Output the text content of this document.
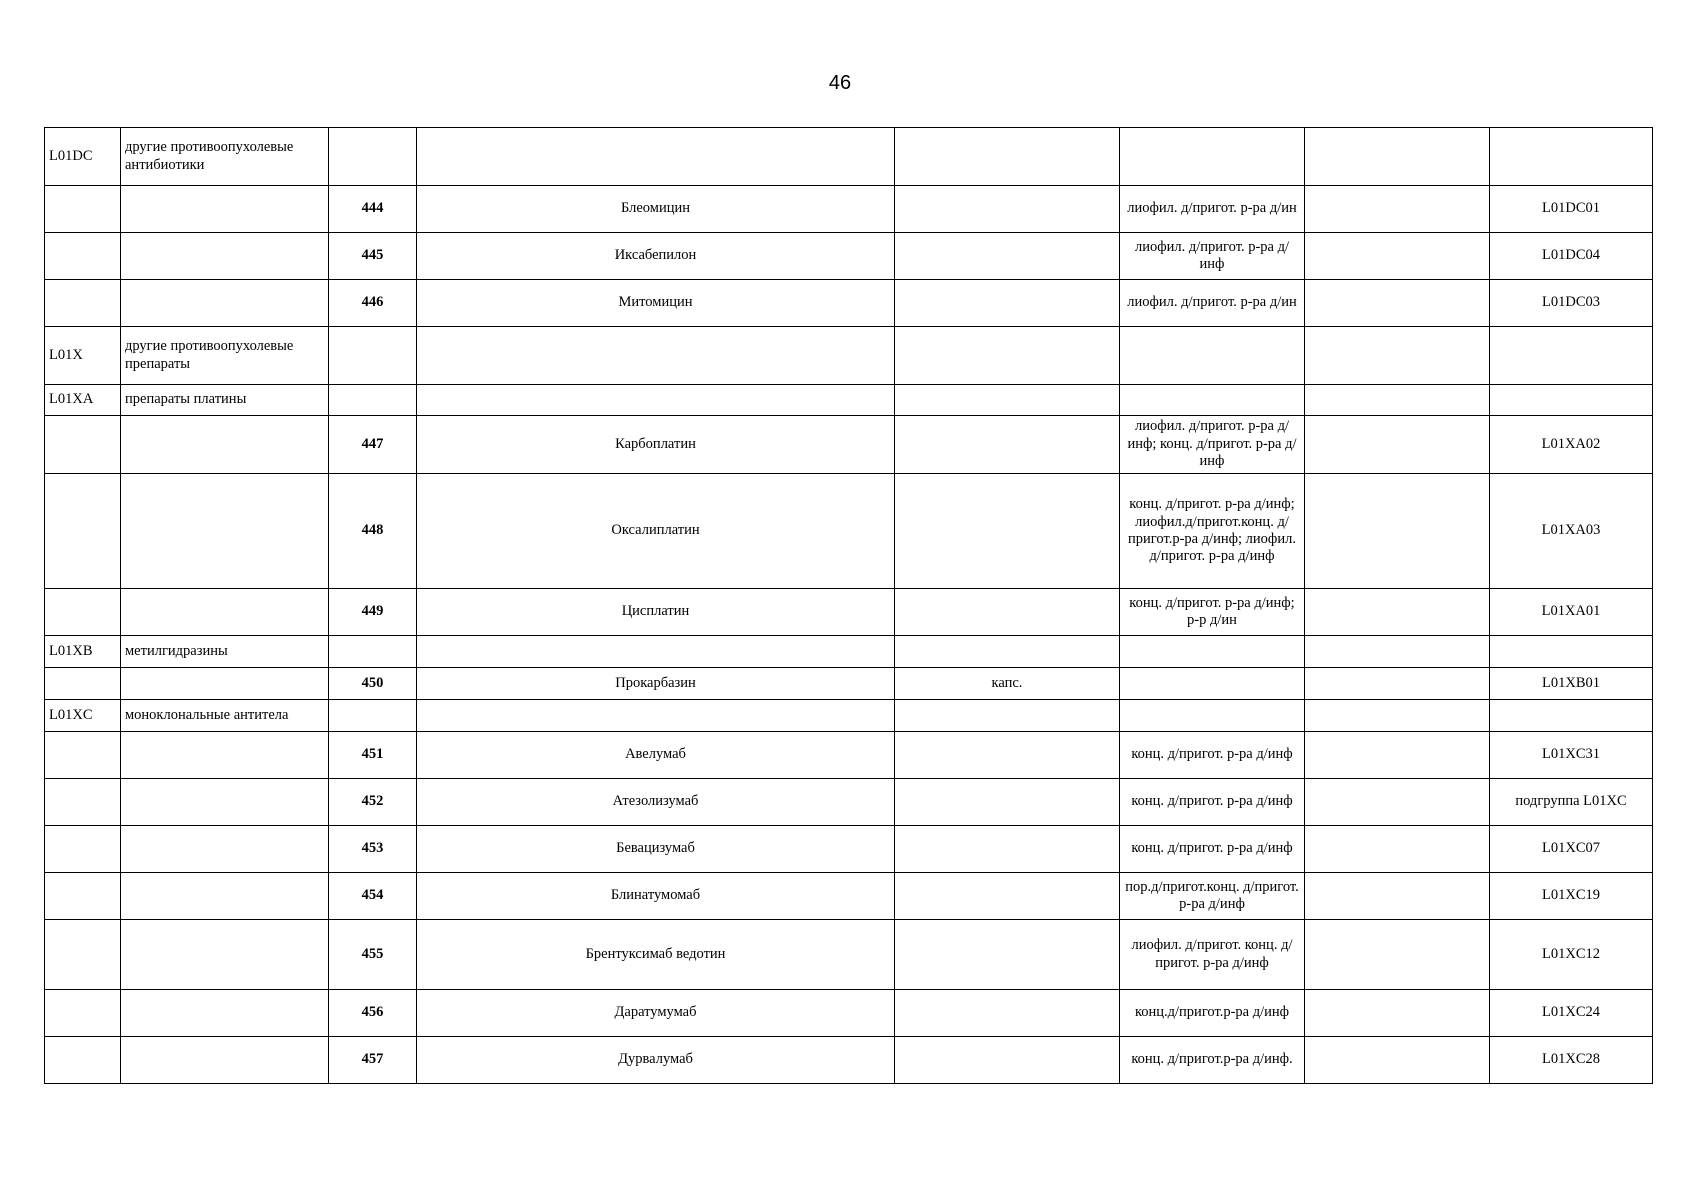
46
L01DC	другие противоопухолевые антибиотики						
		444	Блеомицин		лиофил. д/пригот. р-ра д/ин		L01DC01
		445	Иксабепилон		лиофил. д/пригот. р-ра д/инф		L01DC04
		446	Митомицин		лиофил. д/пригот. р-ра д/ин		L01DC03
L01X	другие противоопухолевые препараты						
L01XA	препараты платины						
		447	Карбоплатин		лиофил. д/пригот. р-ра д/инф; конц. д/пригот. р-ра д/инф		L01XA02
		448	Оксалиплатин		конц. д/пригот. р-ра д/инф; лиофил.д/пригот.конц. д/пригот.р-ра д/инф; лиофил. д/пригот. р-ра д/инф		L01XA03
		449	Цисплатин		конц. д/пригот. р-ра д/инф; р-р д/ин		L01XA01
L01XB	метилгидразины						
		450	Прокарбазин	капс.			L01XB01
L01XC	моноклональные антитела						
		451	Авелумаб		конц. д/пригот. р-ра д/инф		L01XC31
		452	Атезолизумаб		конц. д/пригот. р-ра д/инф		подгруппа L01XC
		453	Бевацизумаб		конц. д/пригот. р-ра д/инф		L01XC07
		454	Блинатумомаб		пор.д/пригот.конц. д/пригот. р-ра д/инф		L01XC19
		455	Брентуксимаб ведотин		лиофил. д/пригот. конц. д/пригот. р-ра д/инф		L01XC12
		456	Даратумумаб		конц.д/пригот.р-ра д/инф		L01XC24
		457	Дурвалумаб		конц. д/пригот.р-ра д/инф.		L01XC28
